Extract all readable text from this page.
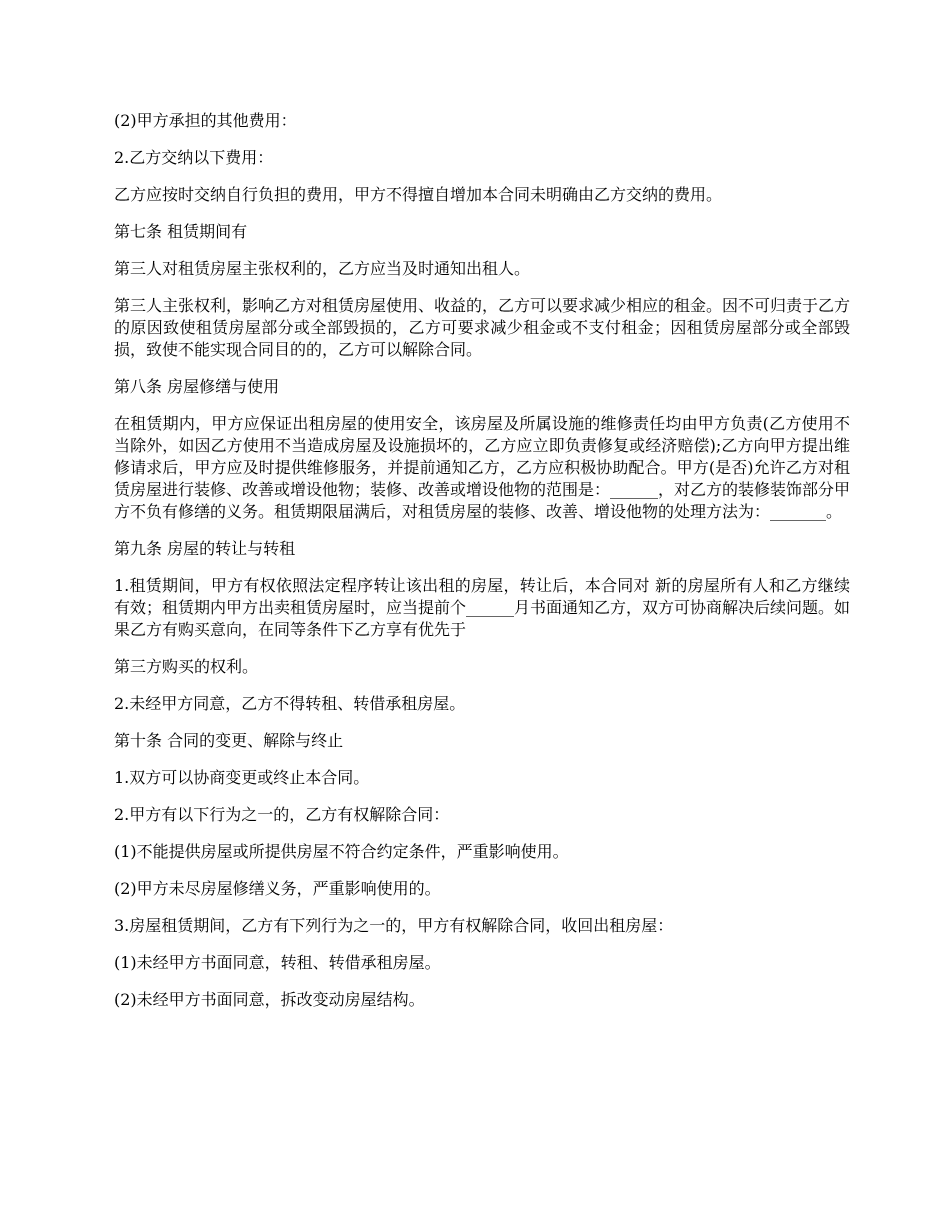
(2)甲方承担的其他费用：

2.乙方交纳以下费用：

乙方应按时交纳自行负担的费用，甲方不得擅自增加本合同未明确由乙方交纳的费用。

第七条 租赁期间有

第三人对租赁房屋主张权利的，乙方应当及时通知出租人。

第三人主张权利，影响乙方对租赁房屋使用、收益的，乙方可以要求减少相应的租金。因不可归责于乙方的原因致使租赁房屋部分或全部毁损的，乙方可要求减少租金或不支付租金；因租赁房屋部分或全部毁损，致使不能实现合同目的的，乙方可以解除合同。

第八条 房屋修缮与使用

在租赁期内，甲方应保证出租房屋的使用安全，该房屋及所属设施的维修责任均由甲方负责(乙方使用不当除外，如因乙方使用不当造成房屋及设施损坏的，乙方应立即负责修复或经济赔偿);乙方向甲方提出维修请求后，甲方应及时提供维修服务，并提前通知乙方，乙方应积极协助配合。甲方(是否)允许乙方对租赁房屋进行装修、改善或增设他物；装修、改善或增设他物的范围是：______，对乙方的装修装饰部分甲方不负有修缮的义务。租赁期限届满后，对租赁房屋的装修、改善、增设他物的处理方法为：_______。

第九条 房屋的转让与转租

1.租赁期间，甲方有权依照法定程序转让该出租的房屋，转让后，本合同对 新的房屋所有人和乙方继续有效；租赁期内甲方出卖租赁房屋时，应当提前个______月书面通知乙方，双方可协商解决后续问题。如果乙方有购买意向，在同等条件下乙方享有优先于

第三方购买的权利。

2.未经甲方同意，乙方不得转租、转借承租房屋。

第十条 合同的变更、解除与终止

1.双方可以协商变更或终止本合同。

2.甲方有以下行为之一的，乙方有权解除合同：

(1)不能提供房屋或所提供房屋不符合约定条件，严重影响使用。

(2)甲方未尽房屋修缮义务，严重影响使用的。

3.房屋租赁期间，乙方有下列行为之一的，甲方有权解除合同，收回出租房屋：

(1)未经甲方书面同意，转租、转借承租房屋。

(2)未经甲方书面同意，拆改变动房屋结构。
